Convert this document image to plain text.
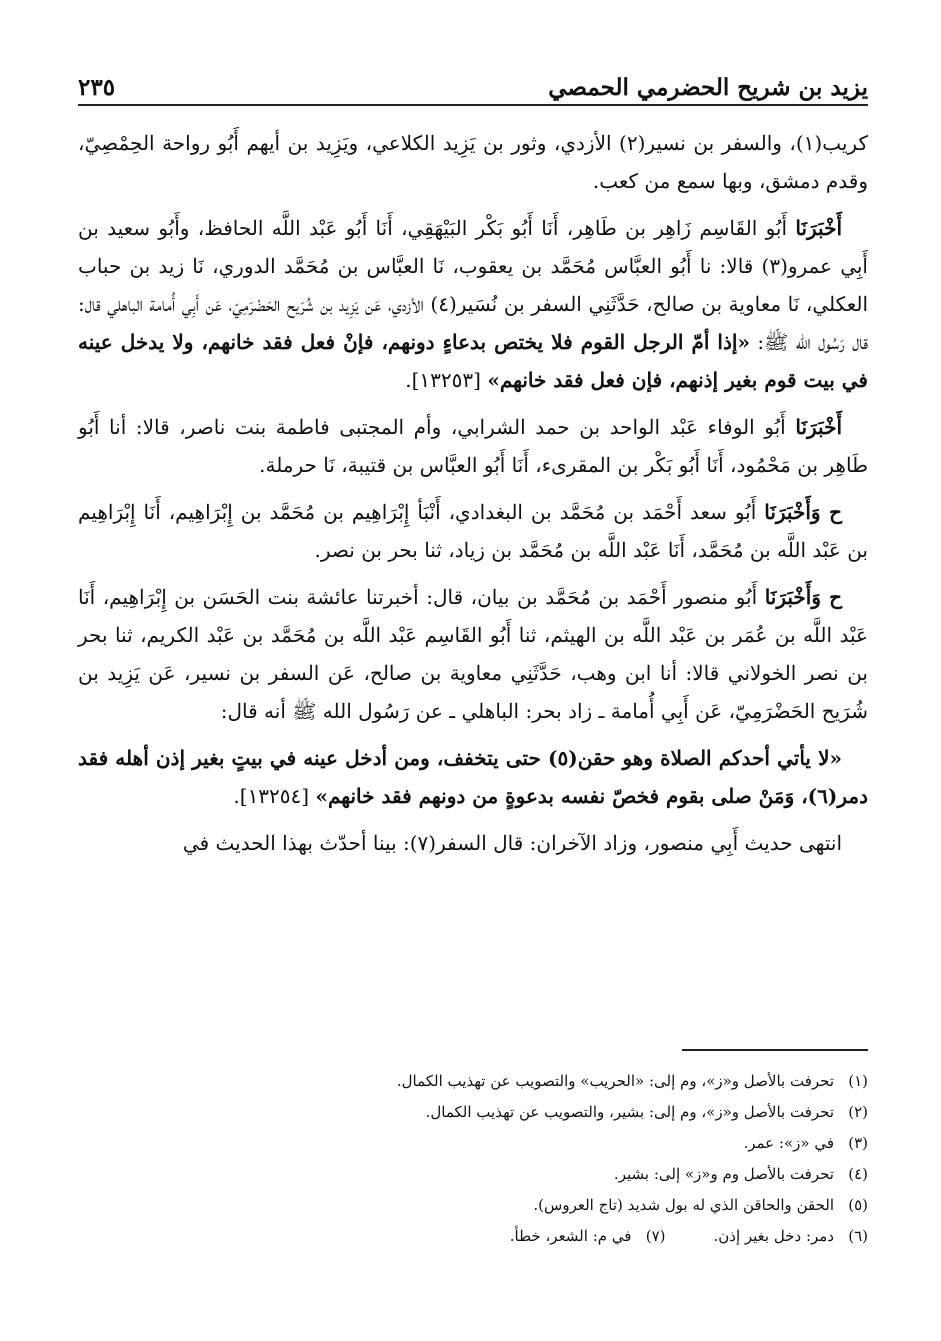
يزيد بن شريح الحضرمي الحمصي
٢٣٥

كريب(١)، والسفر بن نسير(٢) الأزدي، وثور بن يَزِيد الكلاعي، ويَزِيد بن أيهم أَبُو رواحة الحِمْصِيّ، وقدم دمشق، وبها سمع من كعب.

أَخْبَرَنَا أَبُو القَاسِم زَاهِر بن طَاهِر، أَنَا أَبُو بَكْر البَيْهَقِي، أَنَا أَبُو عَبْد اللَّه الحافظ، وأَبُو سعيد بن أَبِي عمرو(٣) قالا: نا أَبُو العبَّاس مُحَمَّد بن يعقوب، نَا العبَّاس بن مُحَمَّد الدوري، نَا زيد بن حباب العكلي، نَا معاوية بن صالح، حَدَّثَنِي السفر بن نُسَير(٤) الأزدي، عَن يَزِيد بن شُرَيح الحَضْرَمِيّ، عَن أَبِي أُمامة الباهلي قال: قال رَسُول الله ﷺ: «إذا أمّ الرجل القوم فلا يختص بدعاءٍ دونهم، فإنْ فعل فقد خانهم، ولا يدخل عينه في بيت قوم بغير إذنهم، فإن فعل فقد خانهم» [١٣٢٥٣].

أَخْبَرَنَا أَبُو الوفاء عَبْد الواحد بن حمد الشرابي، وأم المجتبى فاطمة بنت ناصر، قالا: أنا أَبُو طَاهِر بن مَحْمُود، أَنَا أَبُو بَكْر بن المقرىء، أَنَا أَبُو العبَّاس بن قتيبة، نَا حرملة.

ح وَأَخْبَرَنَا أَبُو سعد أَحْمَد بن مُحَمَّد بن البغدادي، أَنْبَأ إِبْرَاهِيم بن مُحَمَّد بن إِبْرَاهِيم، أَنَا إِبْرَاهِيم بن عَبْد اللَّه بن مُحَمَّد، أَنَا عَبْد اللَّه بن مُحَمَّد بن زياد، ثنا بحر بن نصر.

ح وَأَخْبَرَنَا أَبُو منصور أَحْمَد بن مُحَمَّد بن بيان، قال: أخبرتنا عائشة بنت الحَسَن بن إِبْرَاهِيم، أَنَا عَبْد اللَّه بن عُمَر بن عَبْد اللَّه بن الهيثم، ثنا أَبُو القَاسِم عَبْد اللَّه بن مُحَمَّد بن عَبْد الكريم، ثنا بحر بن نصر الخولاني قالا: أنا ابن وهب، حَدَّثَنِي معاوية بن صالح، عَن السفر بن نسير، عَن يَزِيد بن شُرَيح الحَضْرَمِيّ، عَن أَبِي أُمامة ـ زاد بحر: الباهلي ـ عن رَسُول الله ﷺ أنه قال:

«لا يأتي أحدكم الصلاة وهو حقن(٥) حتى يتخفف، ومن أدخل عينه في بيتٍ بغير إذن أهله فقد دمر(٦)، وَمَنْ صلى بقوم فخصّ نفسه بدعوةٍ من دونهم فقد خانهم» [١٣٢٥٤].

انتهى حديث أَبِي منصور، وزاد الآخران: قال السفر(٧): بينا أحدّث بهذا الحديث في

(١)
تحرفت بالأصل و«ز»، وم إلى: «الحريب» والتصويب عن تهذيب الكمال.
(٢)
تحرفت بالأصل و«ز»، وم إلى: بشير، والتصويب عن تهذيب الكمال.
(٣)
في «ز»: عمر.
(٤)
تحرفت بالأصل وم و«ز» إلى: بشير.
(٥)
الحقن والحاقن الذي له بول شديد (تاج العروس).
(٦)
دمر: دخل بغير إذن.
(٧)
في م: الشعر، خطأ.
